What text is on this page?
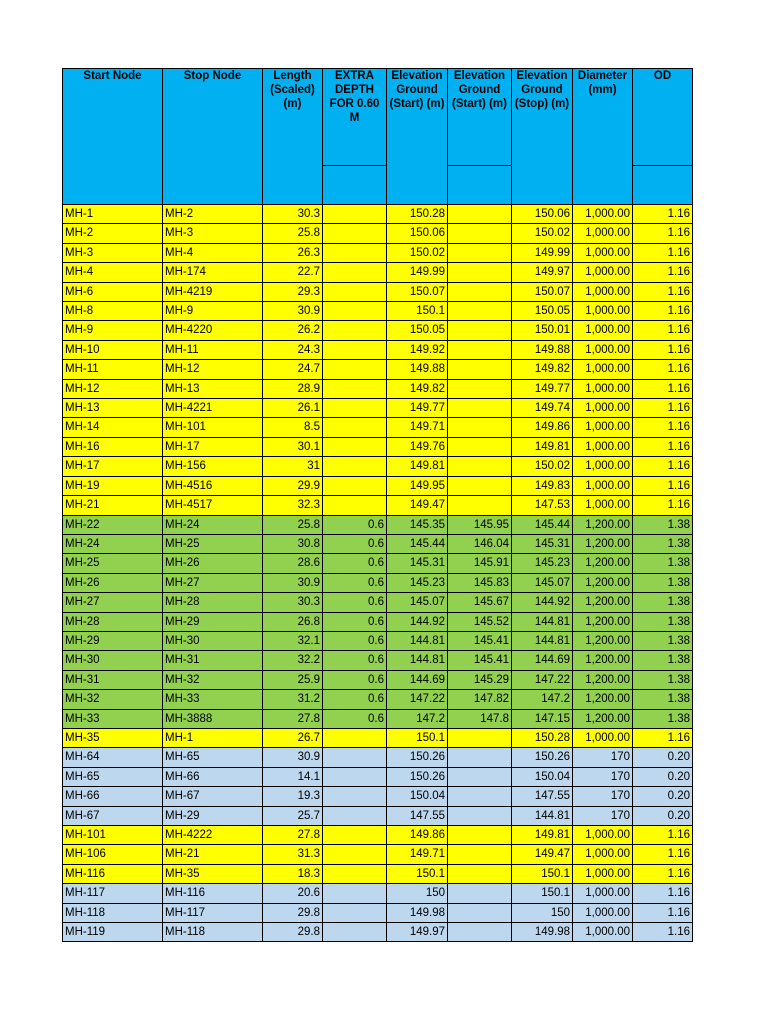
Start Node	Stop Node	Length (Scaled) (m)	EXTRA DEPTH FOR 0.60 M	Elevation Ground (Start) (m)	Elevation Ground (Start) (m)	Elevation Ground (Stop) (m)	Diameter (mm)	OD

MH-1	MH-2	30.3		150.28		150.06	1,000.00	1.16
MH-2	MH-3	25.8		150.06		150.02	1,000.00	1.16
MH-3	MH-4	26.3		150.02		149.99	1,000.00	1.16
MH-4	MH-174	22.7		149.99		149.97	1,000.00	1.16
MH-6	MH-4219	29.3		150.07		150.07	1,000.00	1.16
MH-8	MH-9	30.9		150.1		150.05	1,000.00	1.16
MH-9	MH-4220	26.2		150.05		150.01	1,000.00	1.16
MH-10	MH-11	24.3		149.92		149.88	1,000.00	1.16
MH-11	MH-12	24.7		149.88		149.82	1,000.00	1.16
MH-12	MH-13	28.9		149.82		149.77	1,000.00	1.16
MH-13	MH-4221	26.1		149.77		149.74	1,000.00	1.16
MH-14	MH-101	8.5		149.71		149.86	1,000.00	1.16
MH-16	MH-17	30.1		149.76		149.81	1,000.00	1.16
MH-17	MH-156	31		149.81		150.02	1,000.00	1.16
MH-19	MH-4516	29.9		149.95		149.83	1,000.00	1.16
MH-21	MH-4517	32.3		149.47		147.53	1,000.00	1.16
MH-22	MH-24	25.8	0.6	145.35	145.95	145.44	1,200.00	1.38
MH-24	MH-25	30.8	0.6	145.44	146.04	145.31	1,200.00	1.38
MH-25	MH-26	28.6	0.6	145.31	145.91	145.23	1,200.00	1.38
MH-26	MH-27	30.9	0.6	145.23	145.83	145.07	1,200.00	1.38
MH-27	MH-28	30.3	0.6	145.07	145.67	144.92	1,200.00	1.38
MH-28	MH-29	26.8	0.6	144.92	145.52	144.81	1,200.00	1.38
MH-29	MH-30	32.1	0.6	144.81	145.41	144.81	1,200.00	1.38
MH-30	MH-31	32.2	0.6	144.81	145.41	144.69	1,200.00	1.38
MH-31	MH-32	25.9	0.6	144.69	145.29	147.22	1,200.00	1.38
MH-32	MH-33	31.2	0.6	147.22	147.82	147.2	1,200.00	1.38
MH-33	MH-3888	27.8	0.6	147.2	147.8	147.15	1,200.00	1.38
MH-35	MH-1	26.7		150.1		150.28	1,000.00	1.16
MH-64	MH-65	30.9		150.26		150.26	170	0.20
MH-65	MH-66	14.1		150.26		150.04	170	0.20
MH-66	MH-67	19.3		150.04		147.55	170	0.20
MH-67	MH-29	25.7		147.55		144.81	170	0.20
MH-101	MH-4222	27.8		149.86		149.81	1,000.00	1.16
MH-106	MH-21	31.3		149.71		149.47	1,000.00	1.16
MH-116	MH-35	18.3		150.1		150.1	1,000.00	1.16
MH-117	MH-116	20.6		150		150.1	1,000.00	1.16
MH-118	MH-117	29.8		149.98		150	1,000.00	1.16
MH-119	MH-118	29.8		149.97		149.98	1,000.00	1.16
